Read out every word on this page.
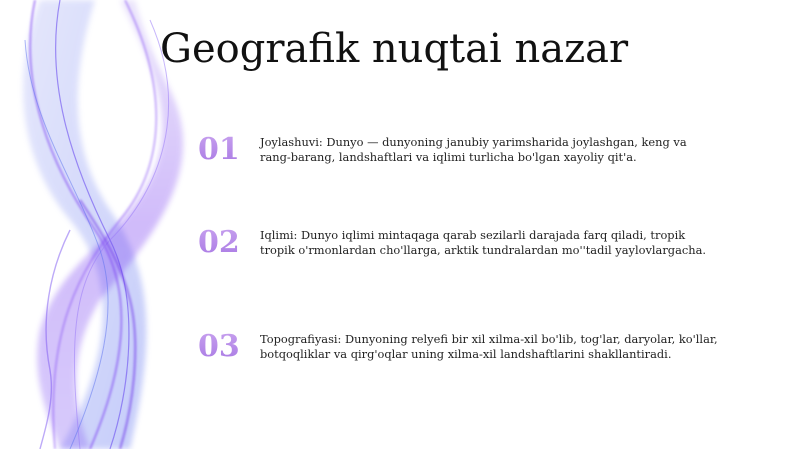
Geografik nuqtai nazar
01	Joylashuvi: Dunyo — dunyoning janubiy yarimsharida joylashgan, keng va rang-barang, landshaftlari va iqlimi turlicha bo'lgan xayoliy qit'a.

02	Iqlimi: Dunyo iqlimi mintaqaga qarab sezilarli darajada farq qiladi, tropik tropik o'rmonlardan cho'llarga, arktik tundralardan mo''tadil yaylovlargacha.

03	Topografiyasi: Dunyoning relyefi bir xil xilma-xil bo'lib, tog'lar, daryolar, ko'llar, botqoqliklar va qirg'oqlar uning xilma-xil landshaftlarini shakllantiradi.
